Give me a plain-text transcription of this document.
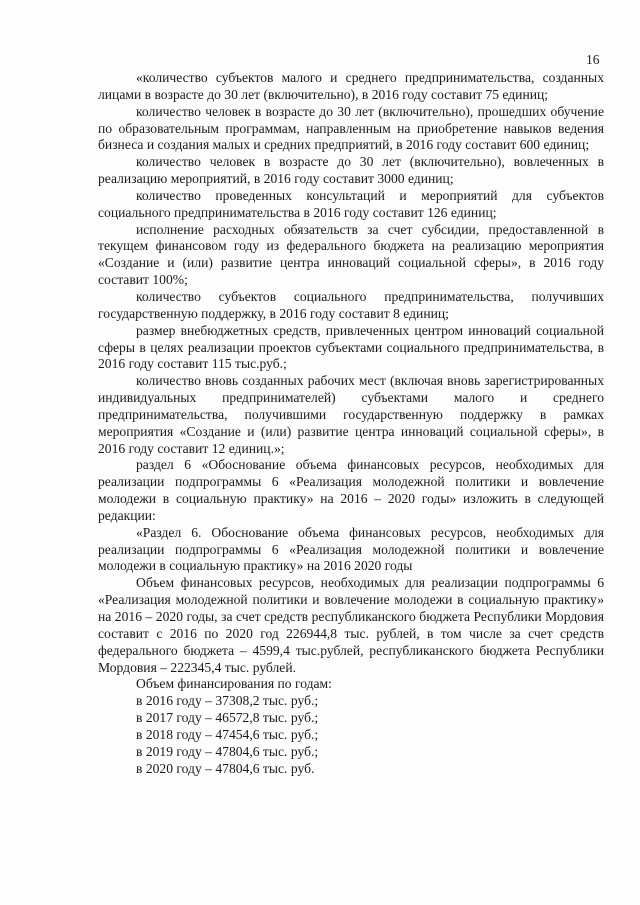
16

«количество субъектов малого и среднего предпринимательства, созданных лицами в возрасте до 30 лет (включительно), в 2016 году составит 75 единиц;

количество человек в возрасте до 30 лет (включительно), прошедших обучение по образовательным программам, направленным на приобретение навыков ведения бизнеса и создания малых и средних предприятий, в 2016 году составит 600 единиц;

количество человек в возрасте до 30 лет (включительно), вовлеченных в реализацию мероприятий, в 2016 году составит 3000 единиц;

количество проведенных консультаций и мероприятий для субъектов социального предпринимательства в 2016 году составит 126 единиц;

исполнение расходных обязательств за счет субсидии, предоставленной в текущем финансовом году из федерального бюджета на реализацию мероприятия «Создание и (или) развитие центра инноваций социальной сферы», в 2016 году составит 100%;

количество субъектов социального предпринимательства, получивших государственную поддержку, в 2016 году составит 8 единиц;

размер внебюджетных средств, привлеченных центром инноваций социальной сферы в целях реализации проектов субъектами социального предпринимательства, в 2016 году составит 115 тыс.руб.;

количество вновь созданных рабочих мест (включая вновь зарегистрированных индивидуальных предпринимателей) субъектами малого и среднего предпринимательства, получившими государственную поддержку в рамках мероприятия «Создание и (или) развитие центра инноваций социальной сферы», в 2016 году составит 12 единиц.»;

раздел 6 «Обоснование объема финансовых ресурсов, необходимых для реализации подпрограммы 6 «Реализация молодежной политики и вовлечение молодежи в социальную практику» на 2016 – 2020 годы» изложить в следующей редакции:

«Раздел 6. Обоснование объема финансовых ресурсов, необходимых для реализации подпрограммы 6 «Реализация молодежной политики и вовлечение молодежи в социальную практику» на 2016 2020 годы

Объем финансовых ресурсов, необходимых для реализации подпрограммы 6 «Реализация молодежной политики и вовлечение молодежи в социальную практику» на 2016 – 2020 годы, за счет средств республиканского бюджета Республики Мордовия составит с 2016 по 2020 год 226944,8 тыс. рублей, в том числе за счет средств федерального бюджета – 4599,4 тыс.рублей, республиканского бюджета Республики Мордовия – 222345,4 тыс. рублей.

Объем финансирования по годам:

в 2016 году – 37308,2 тыс. руб.;
в 2017 году – 46572,8 тыс. руб.;
в 2018 году – 47454,6 тыс. руб.;
в 2019 году – 47804,6 тыс. руб.;
в 2020 году – 47804,6 тыс. руб.
